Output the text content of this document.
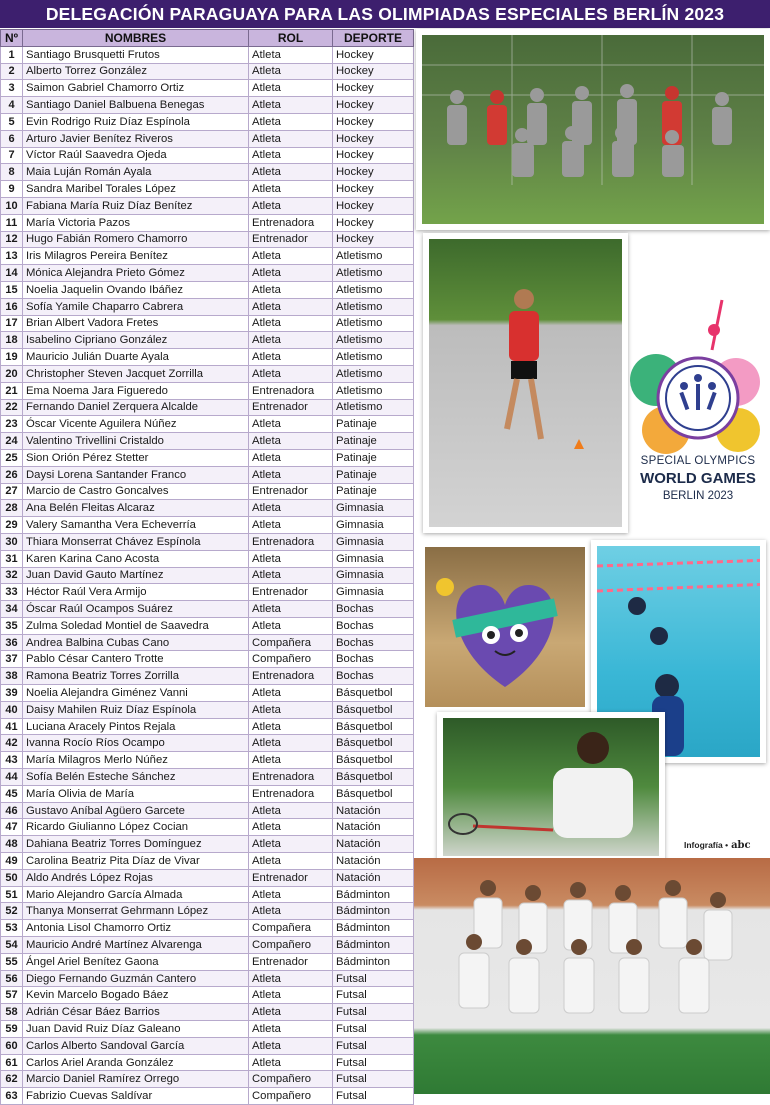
DELEGACIÓN PARAGUAYA PARA LAS OLIMPIADAS ESPECIALES BERLÍN 2023
Nº	NOMBRES	ROL	DEPORTE
1	Santiago Brusquetti Frutos	Atleta	Hockey
2	Alberto Torrez González	Atleta	Hockey
3	Saimon Gabriel Chamorro Ortiz	Atleta	Hockey
4	Santiago Daniel Balbuena Benegas	Atleta	Hockey
5	Evin Rodrigo Ruiz Díaz Espínola	Atleta	Hockey
6	Arturo Javier Benítez Riveros	Atleta	Hockey
7	Víctor Raúl Saavedra Ojeda	Atleta	Hockey
8	Maia Luján Román Ayala	Atleta	Hockey
9	Sandra Maribel Torales López	Atleta	Hockey
10	Fabiana María Ruiz Díaz Benítez	Atleta	Hockey
11	María Victoria Pazos	Entrenadora	Hockey
12	Hugo Fabián Romero Chamorro	Entrenador	Hockey
13	Iris Milagros Pereira Benítez	Atleta	Atletismo
14	Mónica Alejandra Prieto Gómez	Atleta	Atletismo
15	Noelia Jaquelin Ovando Ibáñez	Atleta	Atletismo
16	Sofía Yamile Chaparro Cabrera	Atleta	Atletismo
17	Brian Albert Vadora Fretes	Atleta	Atletismo
18	Isabelino Cipriano González	Atleta	Atletismo
19	Mauricio Julián Duarte Ayala	Atleta	Atletismo
20	Christopher Steven Jacquet Zorrilla	Atleta	Atletismo
21	Ema Noema Jara Figueredo	Entrenadora	Atletismo
22	Fernando Daniel Zerquera Alcalde	Entrenador	Atletismo
23	Óscar Vicente Aguilera Núñez	Atleta	Patinaje
24	Valentino Trivellini Cristaldo	Atleta	Patinaje
25	Sion Orión Pérez Stetter	Atleta	Patinaje
26	Daysi Lorena Santander Franco	Atleta	Patinaje
27	Marcio de Castro Goncalves	Entrenador	Patinaje
28	Ana Belén Fleitas Alcaraz	Atleta	Gimnasia
29	Valery Samantha Vera Echeverría	Atleta	Gimnasia
30	Thiara Monserrat Chávez Espínola	Entrenadora	Gimnasia
31	Karen Karina Cano Acosta	Atleta	Gimnasia
32	Juan David Gauto Martínez	Atleta	Gimnasia
33	Héctor Raúl Vera Armijo	Entrenador	Gimnasia
34	Óscar Raúl Ocampos Suárez	Atleta	Bochas
35	Zulma Soledad Montiel de Saavedra	Atleta	Bochas
36	Andrea Balbina Cubas Cano	Compañera	Bochas
37	Pablo César Cantero Trotte	Compañero	Bochas
38	Ramona Beatriz Torres Zorrilla	Entrenadora	Bochas
39	Noelia Alejandra Giménez Vanni	Atleta	Básquetbol
40	Daisy Mahilen Ruiz Díaz Espínola	Atleta	Básquetbol
41	Luciana Aracely Pintos Rejala	Atleta	Básquetbol
42	Ivanna Rocío Ríos Ocampo	Atleta	Básquetbol
43	María Milagros Merlo Núñez	Atleta	Básquetbol
44	Sofía Belén Esteche Sánchez	Entrenadora	Básquetbol
45	María Olivia de María	Entrenadora	Básquetbol
46	Gustavo Aníbal Agüero Garcete	Atleta	Natación
47	Ricardo Giulianno López Cocian	Atleta	Natación
48	Dahiana Beatriz Torres Domínguez	Atleta	Natación
49	Carolina Beatriz Pita Díaz de Vivar	Atleta	Natación
50	Aldo Andrés López Rojas	Entrenador	Natación
51	Mario Alejandro García Almada	Atleta	Bádminton
52	Thanya Monserrat Gehrmann López	Atleta	Bádminton
53	Antonia Lisol Chamorro Ortiz	Compañera	Bádminton
54	Mauricio André Martínez Alvarenga	Compañero	Bádminton
55	Ángel Ariel Benítez Gaona	Entrenador	Bádminton
56	Diego Fernando Guzmán Cantero	Atleta	Futsal
57	Kevin Marcelo Bogado Báez	Atleta	Futsal
58	Adrián César Báez Barrios	Atleta	Futsal
59	Juan David Ruiz Díaz Galeano	Atleta	Futsal
60	Carlos Alberto Sandoval García	Atleta	Futsal
61	Carlos Ariel Aranda González	Atleta	Futsal
62	Marcio Daniel Ramírez Orrego	Compañero	Futsal
63	Fabrizio Cuevas Saldívar	Compañero	Futsal
SPECIAL OLYMPICS
WORLD GAMES
BERLIN 2023
Infografía • abc
